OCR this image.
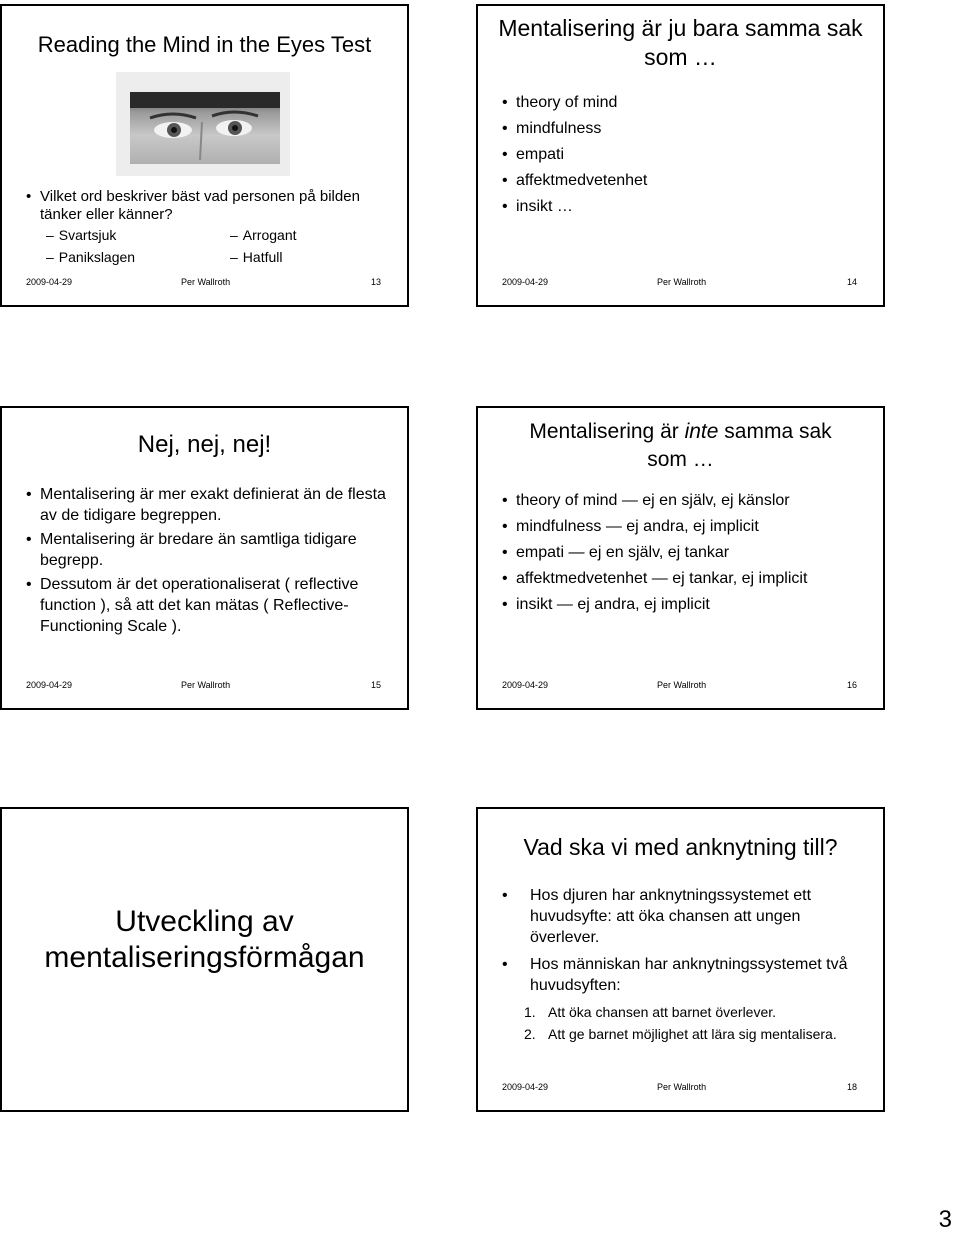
Reading the Mind in the Eyes Test
• Vilket ord beskriver bäst vad personen på bilden tänker eller känner?
– Svartsjuk	– Arrogant
– Panikslagen	– Hatfull
2009-04-29	Per Wallroth	13
Mentalisering är ju bara samma sak som …
• theory of mind
• mindfulness
• empati
• affektmedvetenhet
• insikt …
2009-04-29	Per Wallroth	14
Nej, nej, nej!
• Mentalisering är mer exakt definierat än de flesta av de tidigare begreppen.
• Mentalisering är bredare än samtliga tidigare begrepp.
• Dessutom är det operationaliserat ( reflective function ), så att det kan mätas ( Reflective-Functioning Scale ).
2009-04-29	Per Wallroth	15
Mentalisering är inte samma sak som …
• theory of mind — ej en själv, ej känslor
• mindfulness — ej andra, ej implicit
• empati — ej en själv, ej tankar
• affektmedvetenhet — ej tankar, ej implicit
• insikt — ej andra, ej implicit
2009-04-29	Per Wallroth	16
Utveckling av mentaliseringsförmågan
Vad ska vi med anknytning till?
• Hos djuren har anknytningssystemet ett huvudsyfte: att öka chansen att ungen överlever.
• Hos människan har anknytningssystemet två huvudsyften:
1. Att öka chansen att barnet överlever.
2. Att ge barnet möjlighet att lära sig mentalisera.
2009-04-29	Per Wallroth	18
3
